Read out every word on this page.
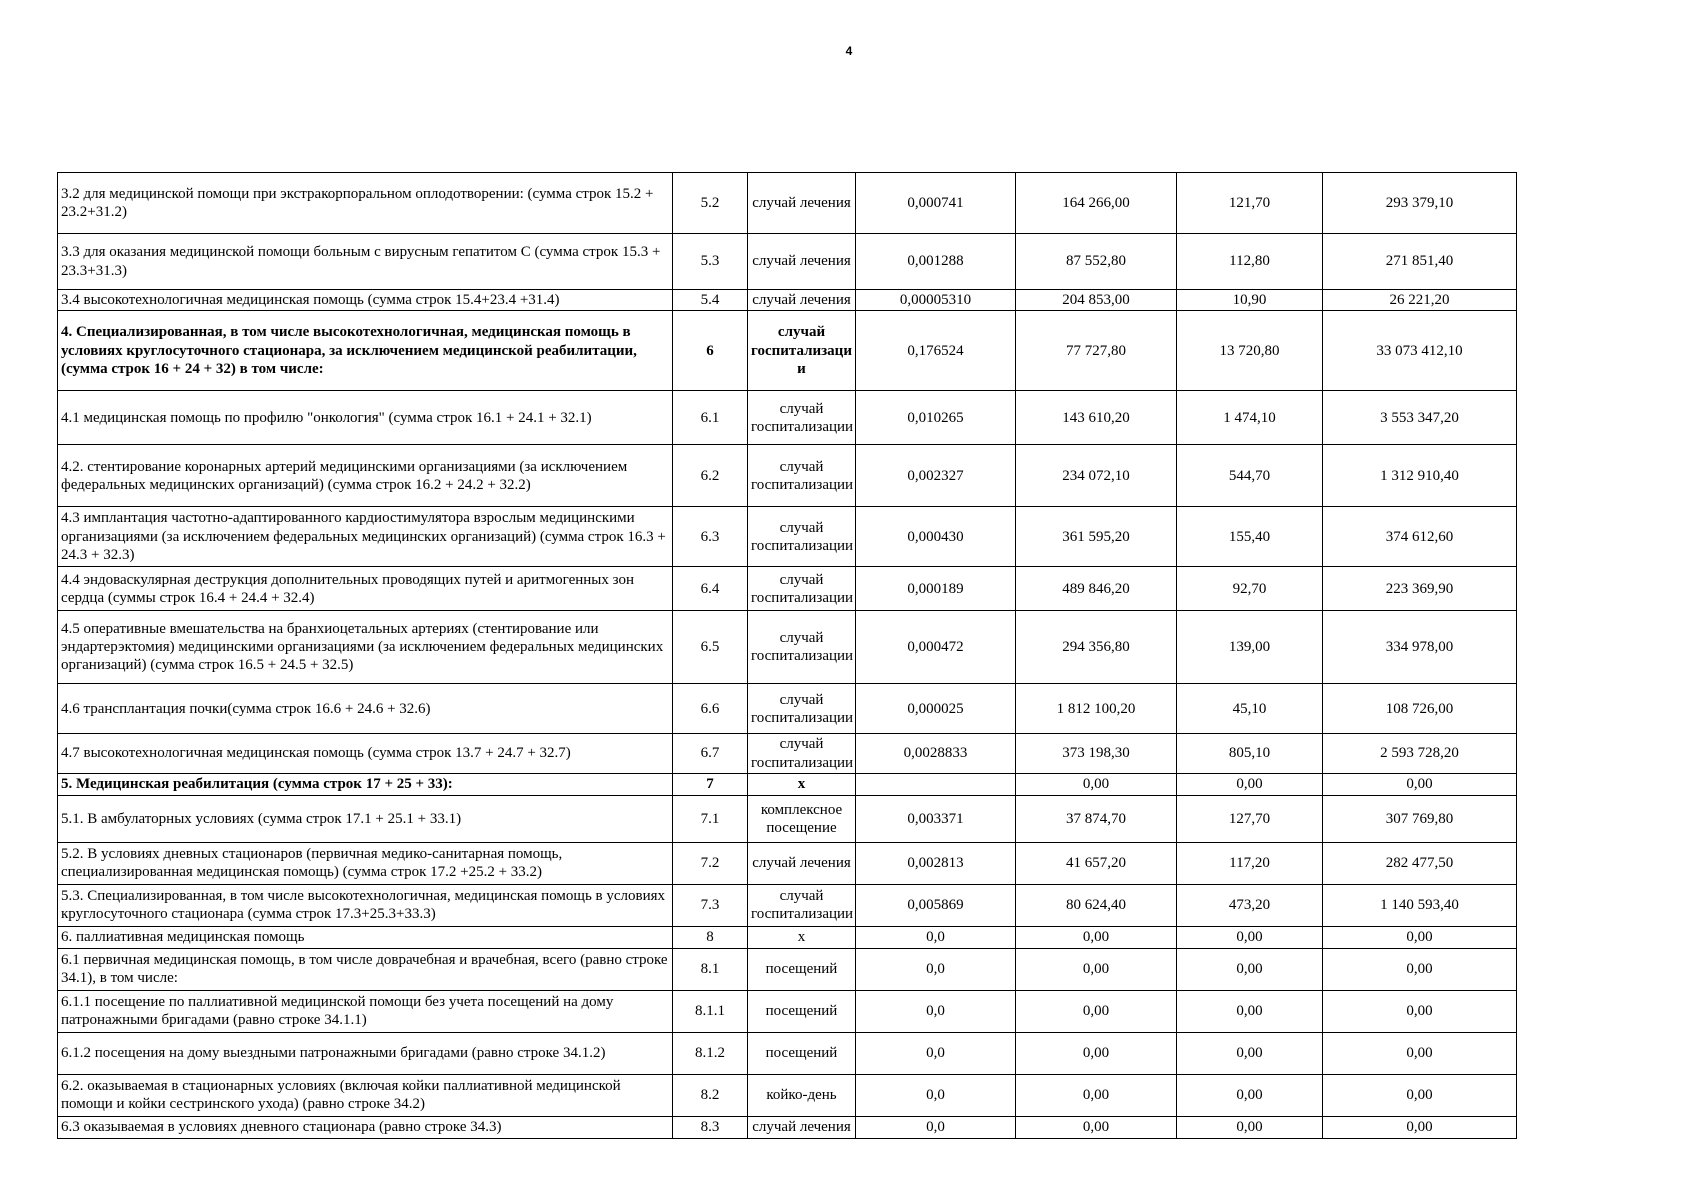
4
3.2 для медицинской помощи при экстракорпоральном оплодотворении: (сумма строк 15.2 + 23.2+31.2)	5.2	случай лечения	0,000741	164 266,00	121,70	293 379,10
3.3 для оказания медицинской помощи больным с вирусным гепатитом С (сумма строк 15.3 + 23.3+31.3)	5.3	случай лечения	0,001288	87 552,80	112,80	271 851,40
3.4 высокотехнологичная медицинская помощь (сумма строк 15.4+23.4 +31.4)	5.4	случай лечения	0,00005310	204 853,00	10,90	26 221,20
4. Специализированная, в том числе высокотехнологичная, медицинская помощь в условиях круглосуточного стационара, за исключением медицинской реабилитации, (сумма строк 16 + 24 + 32) в том числе:	6	случай госпитализаци и	0,176524	77 727,80	13 720,80	33 073 412,10
4.1 медицинская помощь по профилю "онкология" (сумма строк 16.1 + 24.1 + 32.1)	6.1	случай госпитализации	0,010265	143 610,20	1 474,10	3 553 347,20
4.2. стентирование коронарных артерий медицинскими организациями (за исключением федеральных медицинских организаций) (сумма строк 16.2 + 24.2 + 32.2)	6.2	случай госпитализации	0,002327	234 072,10	544,70	1 312 910,40
4.3 имплантация частотно-адаптированного кардиостимулятора взрослым медицинскими организациями (за исключением федеральных медицинских организаций) (сумма строк 16.3 + 24.3 + 32.3)	6.3	случай госпитализации	0,000430	361 595,20	155,40	374 612,60
4.4 эндоваскулярная деструкция дополнительных проводящих путей и аритмогенных зон сердца (суммы строк 16.4 + 24.4 + 32.4)	6.4	случай госпитализации	0,000189	489 846,20	92,70	223 369,90
4.5 оперативные вмешательства на бранхиоцетальных артериях (стентирование или эндартерэктомия) медицинскими организациями (за исключением федеральных медицинских организаций) (сумма строк 16.5 + 24.5 + 32.5)	6.5	случай госпитализации	0,000472	294 356,80	139,00	334 978,00
4.6 трансплантация почки(сумма строк 16.6 + 24.6 + 32.6)	6.6	случай госпитализации	0,000025	1 812 100,20	45,10	108 726,00
4.7 высокотехнологичная медицинская помощь (сумма строк 13.7 + 24.7 + 32.7)	6.7	случай госпитализации	0,0028833	373 198,30	805,10	2 593 728,20
5. Медицинская реабилитация (сумма строк 17 + 25 + 33):	7	х		0,00	0,00	0,00
5.1. В амбулаторных условиях (сумма строк 17.1 + 25.1 + 33.1)	7.1	комплексное посещение	0,003371	37 874,70	127,70	307 769,80
5.2. В условиях дневных стационаров (первичная медико-санитарная помощь, специализированная медицинская помощь) (сумма строк 17.2 +25.2 + 33.2)	7.2	случай лечения	0,002813	41 657,20	117,20	282 477,50
5.3. Специализированная, в том числе высокотехнологичная, медицинская помощь в условиях круглосуточного стационара (сумма строк 17.3+25.3+33.3)	7.3	случай госпитализации	0,005869	80 624,40	473,20	1 140 593,40
6. паллиативная медицинская помощь	8	х	0,0	0,00	0,00	0,00
6.1 первичная медицинская помощь, в том числе доврачебная и врачебная, всего (равно строке 34.1), в том числе:	8.1	посещений	0,0	0,00	0,00	0,00
6.1.1 посещение по паллиативной медицинской помощи без учета посещений на дому патронажными бригадами (равно строке 34.1.1)	8.1.1	посещений	0,0	0,00	0,00	0,00
6.1.2 посещения на дому выездными патронажными бригадами (равно строке 34.1.2)	8.1.2	посещений	0,0	0,00	0,00	0,00
6.2. оказываемая в стационарных условиях (включая койки паллиативной медицинской помощи и койки сестринского ухода) (равно строке 34.2)	8.2	койко-день	0,0	0,00	0,00	0,00
6.3 оказываемая в условиях дневного стационара (равно строке 34.3)	8.3	случай лечения	0,0	0,00	0,00	0,00
